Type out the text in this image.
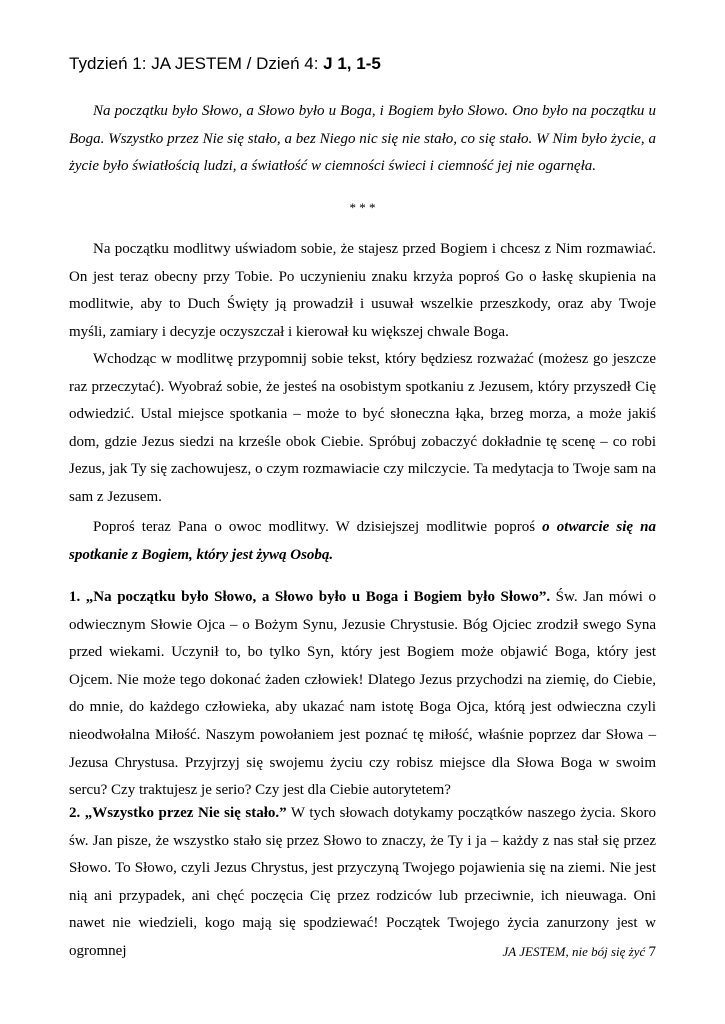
Tydzień 1: JA JESTEM / Dzień 4: J 1, 1-5

Na początku było Słowo, a Słowo było u Boga, i Bogiem było Słowo. Ono było na początku u Boga. Wszystko przez Nie się stało, a bez Niego nic się nie stało, co się stało. W Nim było życie, a życie było światłością ludzi, a światłość w ciemności świeci i ciemność jej nie ogarnęła.

* * *

Na początku modlitwy uświadom sobie, że stajesz przed Bogiem i chcesz z Nim rozmawiać. On jest teraz obecny przy Tobie. Po uczynieniu znaku krzyża poproś Go o łaskę skupienia na modlitwie, aby to Duch Święty ją prowadził i usuwał wszelkie przeszkody, oraz aby Twoje myśli, zamiary i decyzje oczyszczał i kierował ku większej chwale Boga.

Wchodząc w modlitwę przypomnij sobie tekst, który będziesz rozważać (możesz go jeszcze raz przeczytać). Wyobraź sobie, że jesteś na osobistym spotkaniu z Jezusem, który przyszedł Cię odwiedzić. Ustal miejsce spotkania – może to być słoneczna łąka, brzeg morza, a może jakiś dom, gdzie Jezus siedzi na krześle obok Ciebie. Spróbuj zobaczyć dokładnie tę scenę – co robi Jezus, jak Ty się zachowujesz, o czym rozmawiacie czy milczycie. Ta medytacja to Twoje sam na sam z Jezusem.

Poproś teraz Pana o owoc modlitwy. W dzisiejszej modlitwie poproś o otwarcie się na spotkanie z Bogiem, który jest żywą Osobą.

1. „Na początku było Słowo, a Słowo było u Boga i Bogiem było Słowo”. Św. Jan mówi o odwiecznym Słowie Ojca – o Bożym Synu, Jezusie Chrystusie. Bóg Ojciec zrodził swego Syna przed wiekami. Uczynił to, bo tylko Syn, który jest Bogiem może objawić Boga, który jest Ojcem. Nie może tego dokonać żaden człowiek! Dlatego Jezus przychodzi na ziemię, do Ciebie, do mnie, do każdego człowieka, aby ukazać nam istotę Boga Ojca, którą jest odwieczna czyli nieodwołalna Miłość. Naszym powołaniem jest poznać tę miłość, właśnie poprzez dar Słowa – Jezusa Chrystusa. Przyjrzyj się swojemu życiu czy robisz miejsce dla Słowa Boga w swoim sercu? Czy traktujesz je serio? Czy jest dla Ciebie autorytetem?

2. „Wszystko przez Nie się stało.” W tych słowach dotykamy początków naszego życia. Skoro św. Jan pisze, że wszystko stało się przez Słowo to znaczy, że Ty i ja – każdy z nas stał się przez Słowo. To Słowo, czyli Jezus Chrystus, jest przyczyną Twojego pojawienia się na ziemi. Nie jest nią ani przypadek, ani chęć poczęcia Cię przez rodziców lub przeciwnie, ich nieuwaga. Oni nawet nie wiedzieli, kogo mają się spodziewać! Początek Twojego życia zanurzony jest w ogromnej	JA JESTEM, nie bój się żyć 7
